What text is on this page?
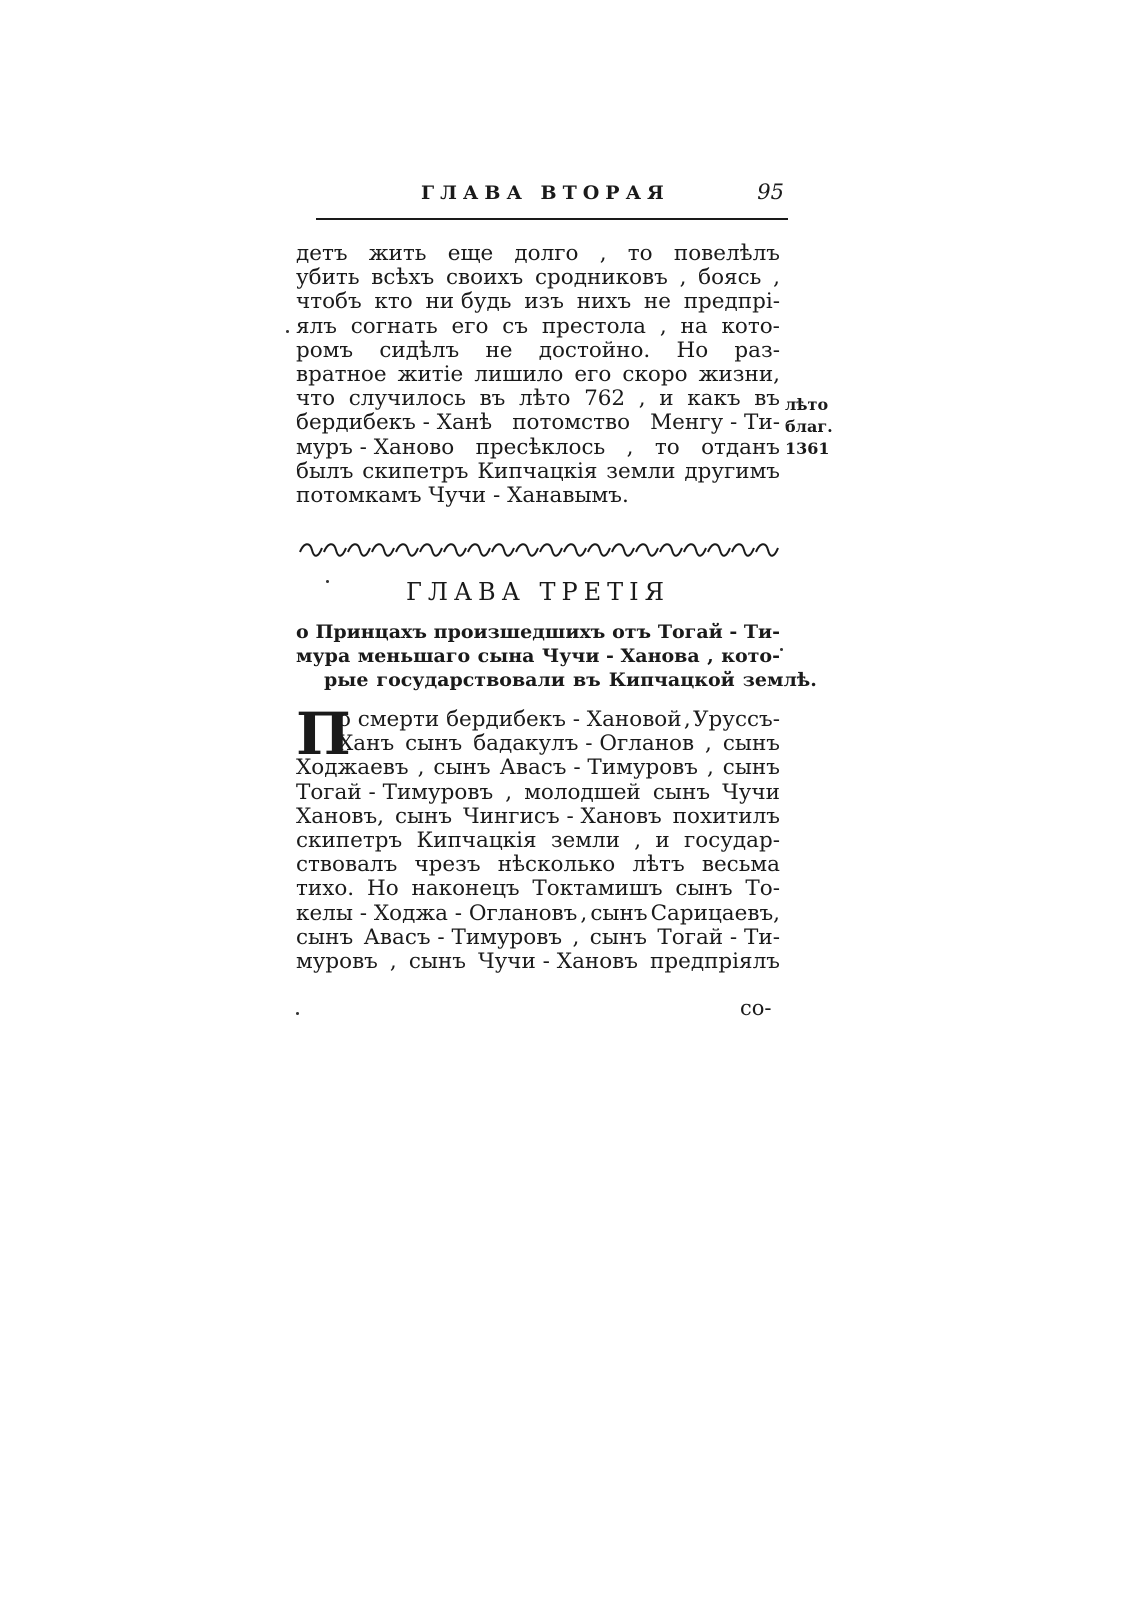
ГЛАВА ВТОРАЯ	95
детъ жить еще долго , то повелѣлъ
убить всѣхъ своихъ сродниковъ , боясь ,
чтобъ кто ни будь изъ нихъ не предпрі-
ялъ согнать его съ престола , на кото-
ромъ сидѣлъ не достойно. Но раз-
вратное житіе лишило его скоро жизни,
что случилось въ лѣто 762 , и какъ въ
бердибекъ - Ханѣ потомство Менгу - Ти-
муръ - Ханово пресѣклось , то отданъ
былъ скипетръ Кипчацкія земли другимъ
потомкамъ Чучи - Ханавымъ.
лѣто
благ.
1361
ГЛАВА ТРЕТІЯ
о Принцахъ произшедшихъ отъ Тогай - Ти-
мура меньшаго сына Чучи - Ханова , кото-
рые государствовали въ Кипчацкой землѣ.
П
о смерти бердибекъ - Хановой , Уруссъ-
Ханъ сынъ бадакулъ - Огланов , сынъ
Ходжаевъ , сынъ Авасъ - Тимуровъ , сынъ
Тогай - Тимуровъ , молодшей сынъ Чучи
Хановъ, сынъ Чингисъ - Хановъ похитилъ
скипетръ Кипчацкія земли , и государ-
ствовалъ чрезъ нѣсколько лѣтъ весьма
тихо. Но наконецъ Токтамишъ сынъ То-
келы - Ходжа - Оглановъ , сынъ Сарицаевъ,
сынъ Авасъ - Тимуровъ , сынъ Тогай - Ти-
муровъ , сынъ Чучи - Хановъ предпріялъ
со-
